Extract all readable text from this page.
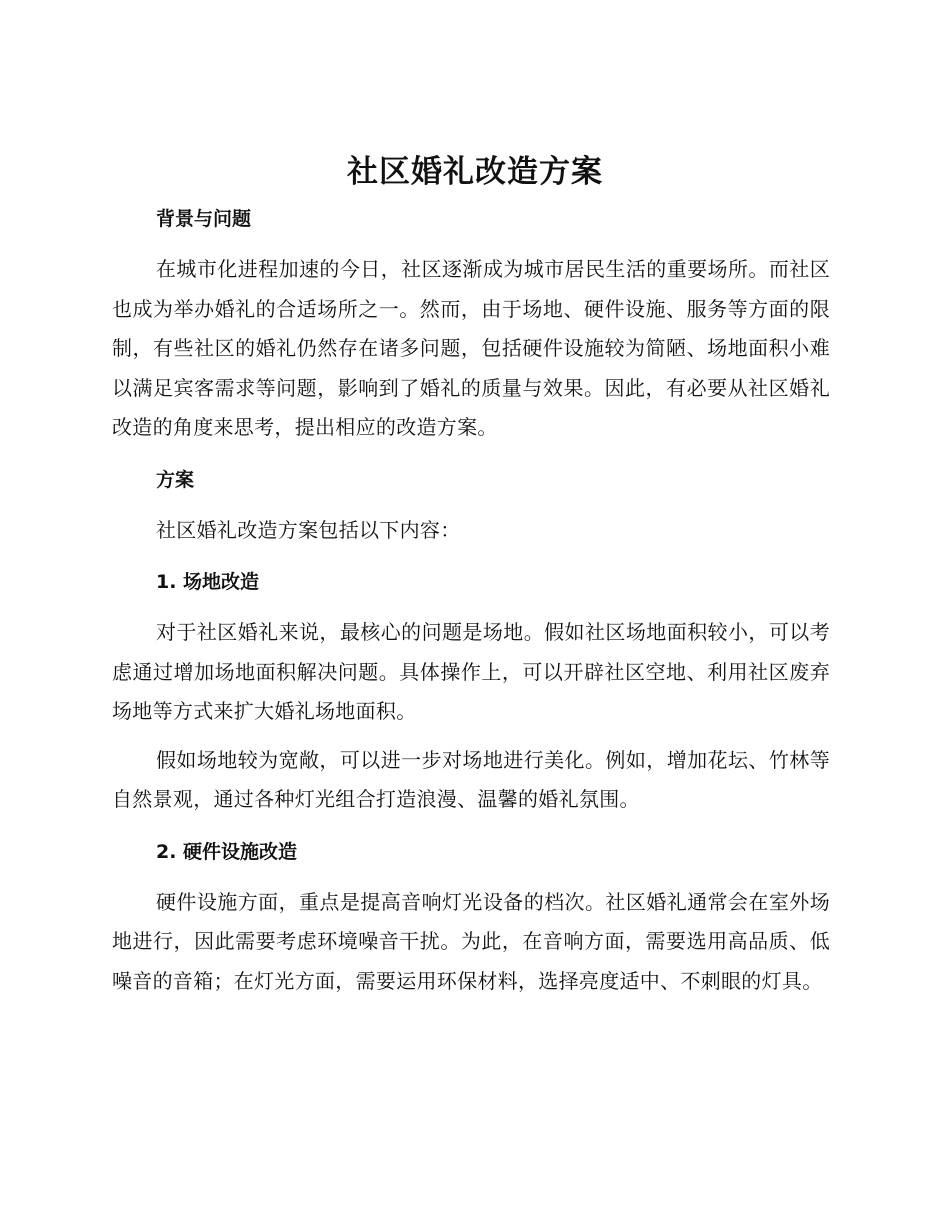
社区婚礼改造方案
背景与问题

在城市化进程加速的今日，社区逐渐成为城市居民生活的重要场所。而社区也成为举办婚礼的合适场所之一。然而，由于场地、硬件设施、服务等方面的限制，有些社区的婚礼仍然存在诸多问题，包括硬件设施较为简陋、场地面积小难以满足宾客需求等问题，影响到了婚礼的质量与效果。因此，有必要从社区婚礼改造的角度来思考，提出相应的改造方案。

方案

社区婚礼改造方案包括以下内容：

1. 场地改造

对于社区婚礼来说，最核心的问题是场地。假如社区场地面积较小，可以考虑通过增加场地面积解决问题。具体操作上，可以开辟社区空地、利用社区废弃场地等方式来扩大婚礼场地面积。

假如场地较为宽敞，可以进一步对场地进行美化。例如，增加花坛、竹林等自然景观，通过各种灯光组合打造浪漫、温馨的婚礼氛围。

2. 硬件设施改造

硬件设施方面，重点是提高音响灯光设备的档次。社区婚礼通常会在室外场地进行，因此需要考虑环境噪音干扰。为此，在音响方面，需要选用高品质、低噪音的音箱；在灯光方面，需要运用环保材料，选择亮度适中、不刺眼的灯具。
